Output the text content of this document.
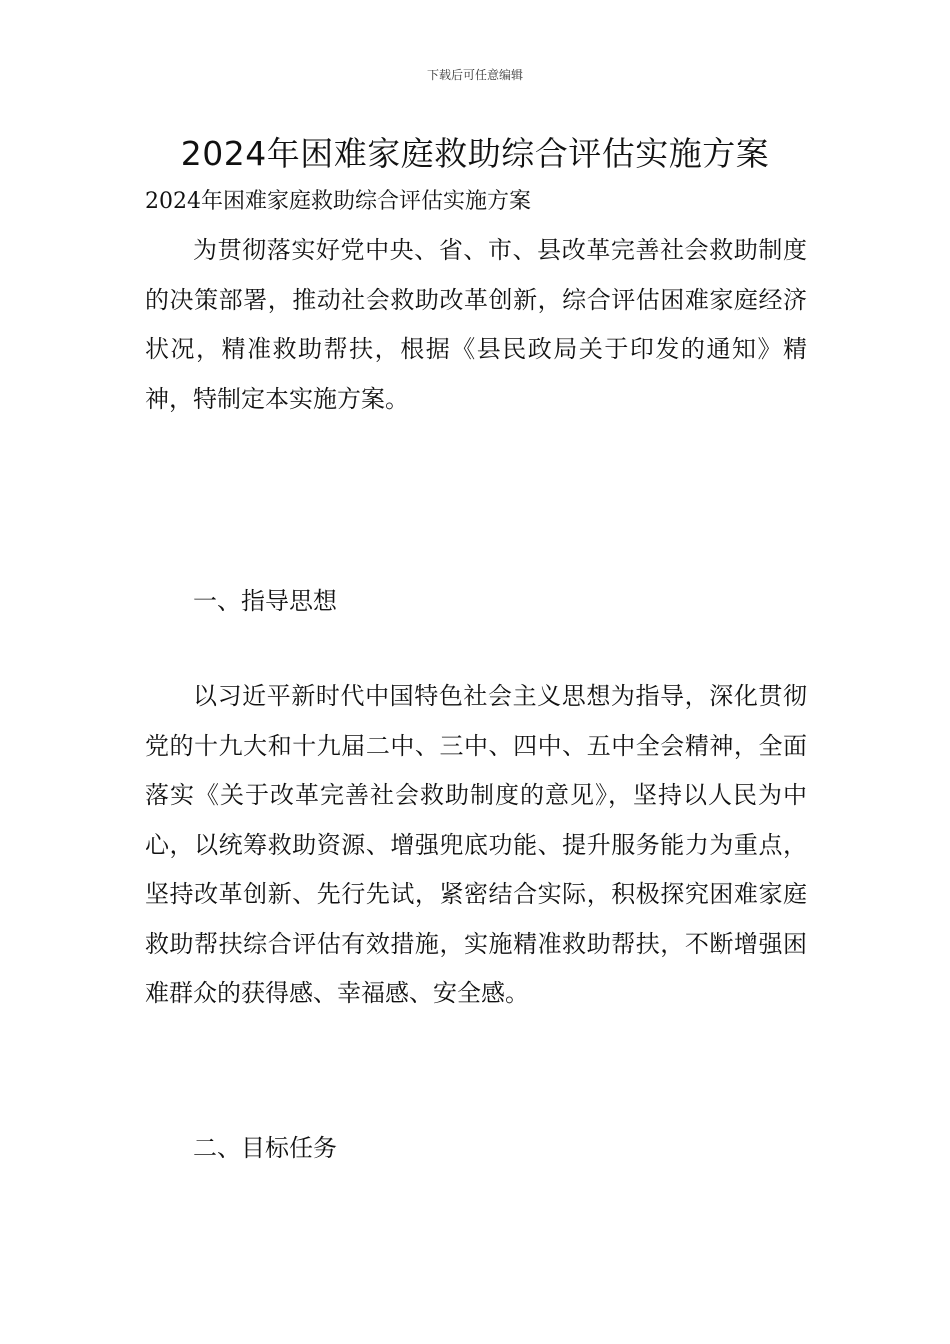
下载后可任意编辑
2024年困难家庭救助综合评估实施方案
2024年困难家庭救助综合评估实施方案

为贯彻落实好党中央、省、市、县改革完善社会救助制度的决策部署，推动社会救助改革创新，综合评估困难家庭经济状况，精准救助帮扶，根据《县民政局关于印发的通知》精神，特制定本实施方案。

一、指导思想

以习近平新时代中国特色社会主义思想为指导，深化贯彻党的十九大和十九届二中、三中、四中、五中全会精神，全面落实《关于改革完善社会救助制度的意见》，坚持以人民为中心，以统筹救助资源、增强兜底功能、提升服务能力为重点，坚持改革创新、先行先试，紧密结合实际，积极探究困难家庭救助帮扶综合评估有效措施，实施精准救助帮扶，不断增强困难群众的获得感、幸福感、安全感。

二、目标任务
